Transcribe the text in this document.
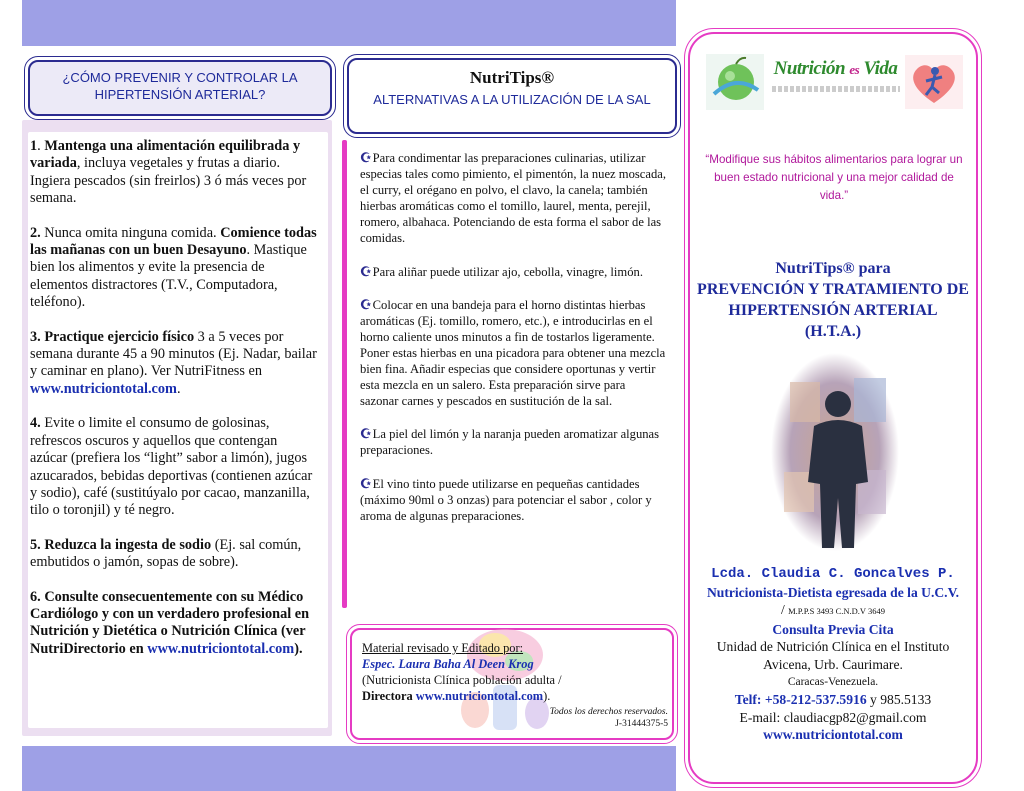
¿CÓMO PREVENIR Y CONTROLAR LA HIPERTENSIÓN ARTERIAL?
1. Mantenga una alimentación equilibrada y variada, incluya vegetales y frutas a diario. Ingiera pescados (sin freirlos) 3 ó más veces por semana.
2. Nunca omita ninguna comida. Comience todas las mañanas con un buen Desayuno. Mastique bien los alimentos y evite la presencia de elementos distractores (T.V., Computadora, teléfono).
3. Practique ejercicio físico 3 a 5 veces por semana durante 45 a 90 minutos (Ej. Nadar, bailar y caminar en plano). Ver NutriFitness en www.nutriciontotal.com.
4. Evite o limite el consumo de golosinas, refrescos oscuros y aquellos que contengan azúcar (prefiera los “light” sabor a limón), jugos azucarados, bebidas deportivas (contienen azúcar y sodio), café (sustitúyalo por cacao, manzanilla, tilo o toronjil) y té negro.
5. Reduzca la ingesta de sodio (Ej. sal común, embutidos o jamón, sopas de sobre).
6. Consulte consecuentemente con su Médico Cardiólogo y con un verdadero profesional en Nutrición y Dietética o Nutrición Clínica (ver NutriDirectorio en www.nutriciontotal.com).
NutriTips®
ALTERNATIVAS A LA UTILIZACIÓN DE LA SAL
☪Para condimentar las preparaciones culinarias, utilizar especias tales como pimiento, el pimentón, la nuez moscada, el curry, el orégano en polvo, el clavo, la canela; también hierbas aromáticas como el tomillo, laurel, menta, perejil, romero, albahaca. Potenciando de esta forma el sabor de las comidas.
☪Para aliñar puede utilizar ajo, cebolla, vinagre, limón.
☪Colocar en una bandeja para el horno distintas hierbas aromáticas (Ej. tomillo, romero, etc.), e introducirlas en el horno caliente unos minutos a fin de tostarlos ligeramente. Poner estas hierbas en una picadora para obtener una mezcla bien fina. Añadir especias que considere oportunas y vertir esta mezcla en un salero. Esta preparación sirve para sazonar carnes y pescados en sustitución de la sal.
☪La piel del limón y la naranja pueden aromatizar algunas preparaciones.
☪El vino tinto puede utilizarse en pequeñas cantidades (máximo 90ml o 3 onzas) para potenciar el sabor , color y aroma de algunas preparaciones.
Material revisado y Editado por:
Espec. Laura Baha Al Deen Krog
(Nutricionista Clínica población adulta /
Directora www.nutriciontotal.com).
Todos los derechos reservados.
J-31444375-5
Nutrición es Vida
“Modifique sus hábitos alimentarios para lograr un buen estado nutricional y una mejor calidad de vida.”
NutriTips® para
PREVENCIÓN Y TRATAMIENTO DE HIPERTENSIÓN ARTERIAL
(H.T.A.)
Lcda. Claudia C. Goncalves P.
Nutricionista-Dietista egresada de la U.C.V.
/ M.P.P.S 3493 C.N.D.V 3649
Consulta Previa Cita
Unidad de Nutrición Clínica en el Instituto Avicena, Urb. Caurimare.
Caracas-Venezuela.
Telf: +58-212-537.5916 y 985.5133
E-mail: claudiacgp82@gmail.com
www.nutriciontotal.com
